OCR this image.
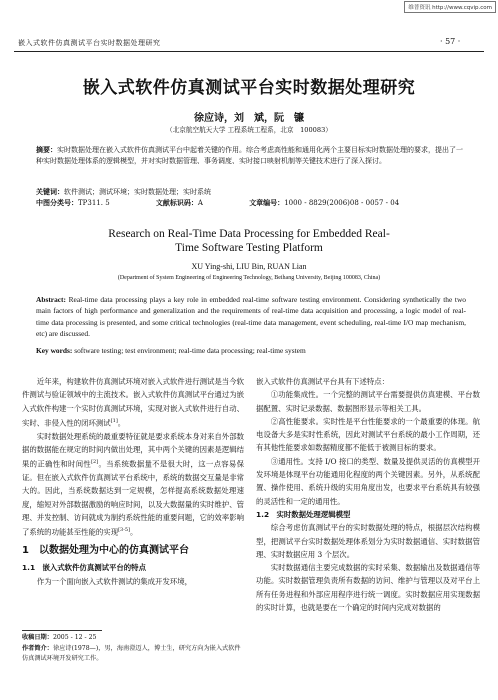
维普资讯 http://www.cqvip.com
嵌入式软件仿真测试平台实时数据处理研究	· 57 ·
嵌入式软件仿真测试平台实时数据处理研究
徐应诗，刘　斌，阮　镰
（北京航空航天大学 工程系统工程系，北京　100083）
摘要：实时数据处理在嵌入式软件仿真测试平台中起着关键的作用。综合考虑高性能和通用化两个主要目标实时数据处理的要求，提出了一种实时数据处理体系的逻辑模型，并对实时数据管理、事务调度、实时接口映射机制等关键技术进行了深入探讨。
关键词：软件测试；测试环境；实时数据处理；实时系统
中图分类号：TP311. 5	文献标识码：A	文章编号：1000 - 8829(2006)08 - 0057 - 04
Research on Real-Time Data Processing for Embedded Real-Time Software Testing Platform
XU Ying-shi, LIU Bin, RUAN Lian
(Department of System Engineering of Engineering Technology, Beihang University, Beijing 100083, China)
Abstract: Real-time data processing plays a key role in embedded real-time software testing environment. Considering synthetically the two main factors of high performance and generalization and the requirements of real-time data acquisition and processing, a logic model of real-time data processing is presented, and some critical technologies (real-time data management, event scheduling, real-time I/O map mechanism, etc) are discussed.
Key words: software testing; test environment; real-time data processing; real-time system

近年来，构建软件仿真测试环境对嵌入式软件进行测试是当今软件测试与验证领域中的主流技术。嵌入式软件仿真测试平台通过为嵌入式软件构建一个实时仿真测试环境，实现对嵌入式软件进行自动、实时、非侵入性的闭环测试[1]。

实时数据处理系统的最重要特征就是要求系统本身对来自外部数据的数据能在规定的时间内做出处理，其中两个关键的因素是逻辑结果的正确性和时间性[2]。当系统数据量不是很大时，这一点容易保证。但在嵌入式软件仿真测试平台系统中，系统的数据交互量是非常大的。因此，当系统数据达到一定规模，怎样提高系统数据处理速度，缩短对外部数据激励的响应时间，以及大数据量的实时维护、管理、并发控制、访问就成为制约系统性能的重要问题，它的效率影响了系统的功能甚至性能的实现[3-5]。

1　以数据处理为中心的仿真测试平台

1.1　嵌入式软件仿真测试平台的特点

作为一个面向嵌入式软件测试的集成开发环境，

嵌入式软件仿真测试平台具有下述特点：

①功能集成性。一个完整的测试平台需要提供仿真建模、平台数据配置、实时记录数据、数据图形显示等相关工具。

②高性能要求。实时性是平台性能要求的一个最重要的体现。航电设备大多是实时性系统，因此对测试平台系统的最小工作周期，还有其他性能要求如数据精度都不能低于被测目标的要求。

③通用性。支持 I/O 接口的类型、数量及提供灵活的仿真模型开发环境是体现平台功能通用化程度的两个关键因素。另外，从系统配置、操作使用、系统升级的实用角度出发，也要求平台系统具有较强的灵活性和一定的通用性。

1.2　实时数据处理逻辑模型

综合考虑仿真测试平台的实时数据处理的特点，根据层次结构模型，把测试平台实时数据处理体系划分为实时数据通信、实时数据管理、实时数据应用 3 个层次。

实时数据通信主要完成数据的实时采集、数据输出及数据通信等功能。实时数据管理负责所有数据的访问、维护与管理以及对平台上所有任务进程和外部应用程序进行统一调度。实时数据应用实现数据的实时计算，也就是要在一个确定的时间内完成对数据的

收稿日期：2005 - 12 - 25
作者简介：徐应诗(1978—)，男，海南澄迈人，博士生，研究方向为嵌入式软件仿真测试环境开发研究工作。
